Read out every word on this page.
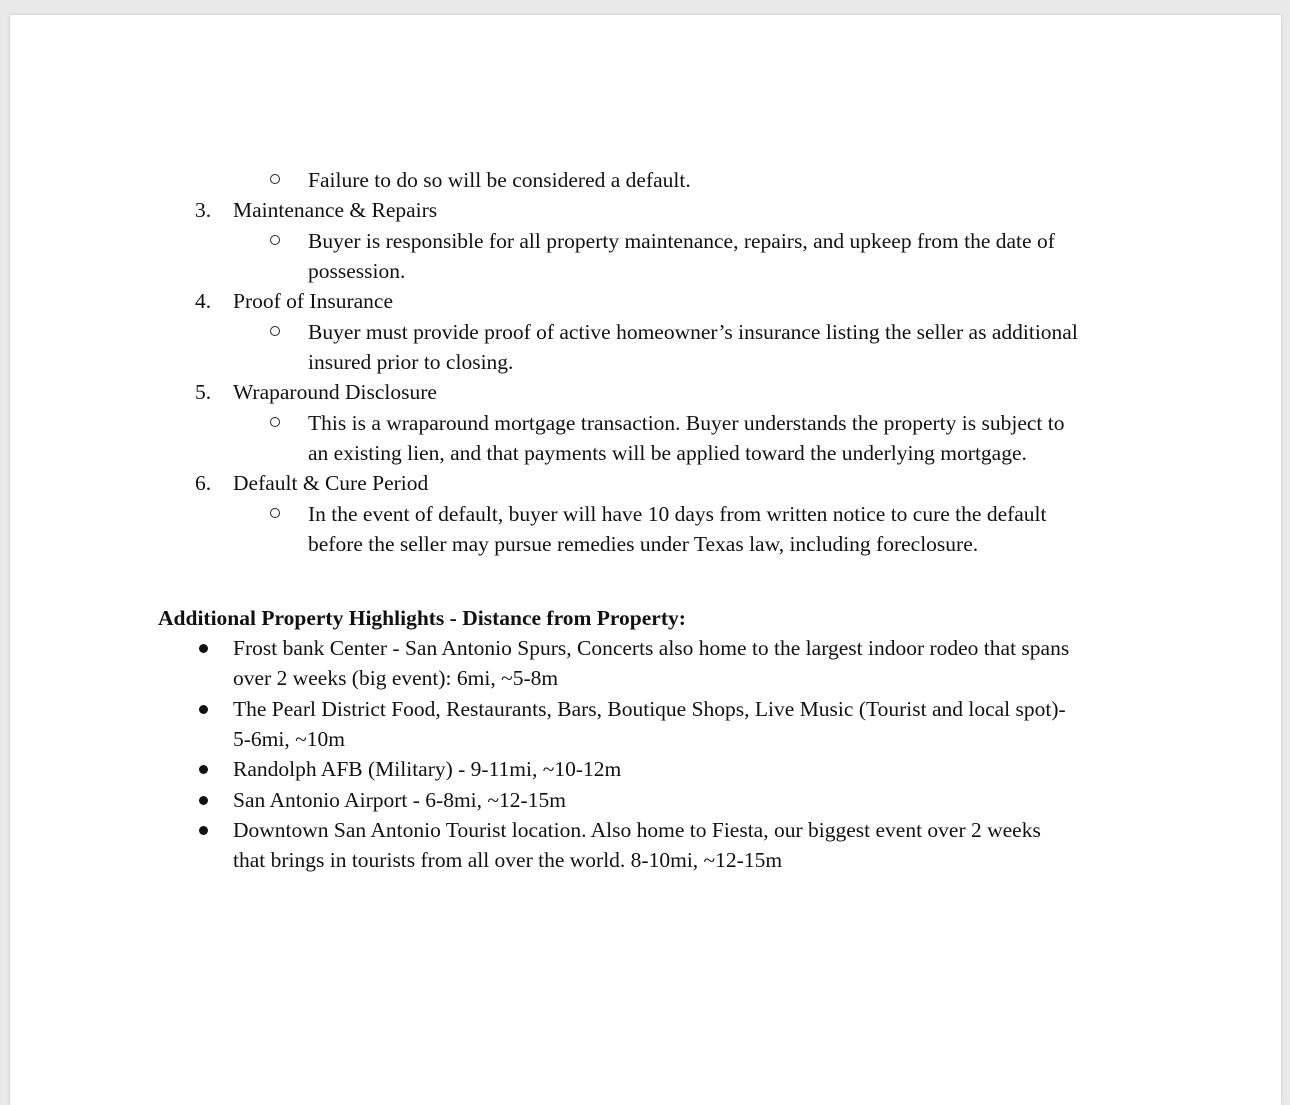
Failure to do so will be considered a default.
3. Maintenance & Repairs
Buyer is responsible for all property maintenance, repairs, and upkeep from the date of
possession.
4. Proof of Insurance
Buyer must provide proof of active homeowner’s insurance listing the seller as additional
insured prior to closing.
5. Wraparound Disclosure
This is a wraparound mortgage transaction. Buyer understands the property is subject to
an existing lien, and that payments will be applied toward the underlying mortgage.
6. Default & Cure Period
In the event of default, buyer will have 10 days from written notice to cure the default
before the seller may pursue remedies under Texas law, including foreclosure.
Additional Property Highlights - Distance from Property:
Frost bank Center - San Antonio Spurs, Concerts also home to the largest indoor rodeo that spans
over 2 weeks (big event): 6mi, ~5-8m
The Pearl District Food, Restaurants, Bars, Boutique Shops, Live Music (Tourist and local spot)-
5-6mi, ~10m
Randolph AFB (Military) - 9-11mi, ~10-12m
San Antonio Airport - 6-8mi, ~12-15m
Downtown San Antonio Tourist location. Also home to Fiesta, our biggest event over 2 weeks
that brings in tourists from all over the world. 8-10mi, ~12-15m
